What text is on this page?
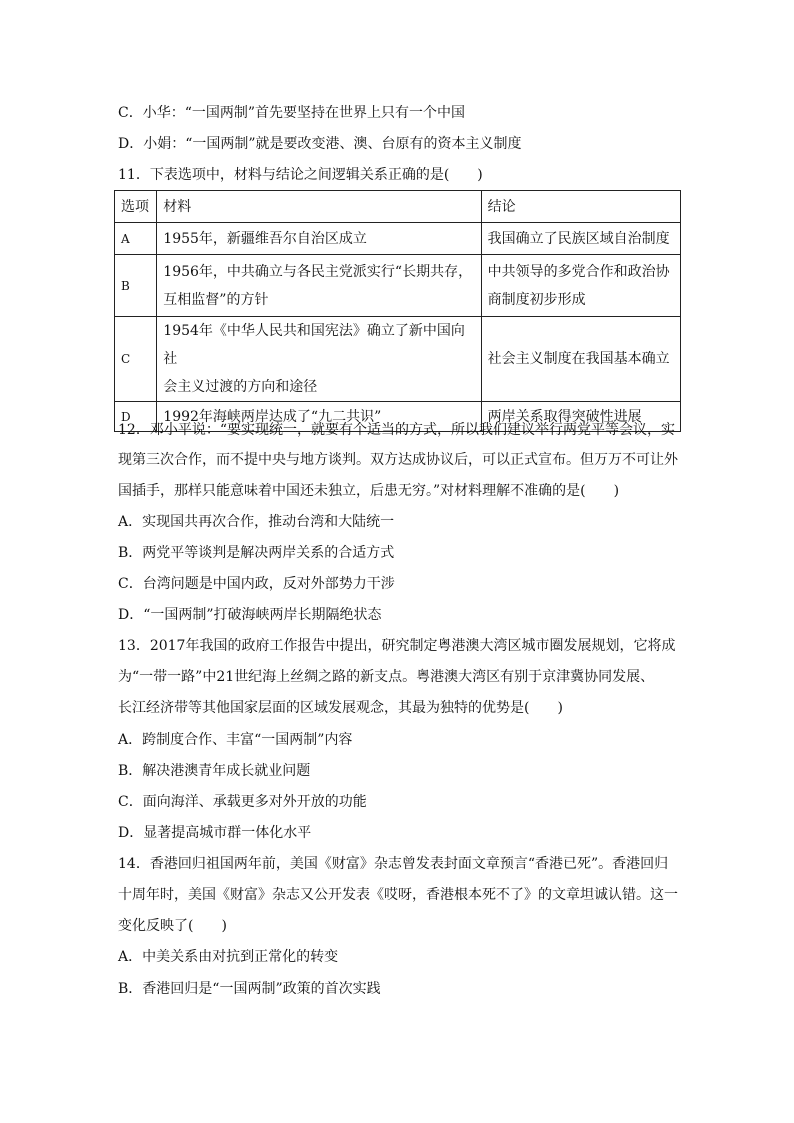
C．小华：“一国两制”首先要坚持在世界上只有一个中国
D．小娟：“一国两制”就是要改变港、澳、台原有的资本主义制度
11．下表选项中，材料与结论之间逻辑关系正确的是(　　)
选项	材料	结论
A	1955年，新疆维吾尔自治区成立	我国确立了民族区域自治制度

B	1956年，中共确立与各民主党派实行“长期共存，
互相监督”的方针	中共领导的多党合作和政治协
商制度初步形成

C	1954年《中华人民共和国宪法》确立了新中国向社
会主义过渡的方向和途径	社会主义制度在我国基本确立

D	1992年海峡两岸达成了“九二共识”	两岸关系取得突破性进展
12．邓小平说：“要实现统一，就要有个适当的方式，所以我们建议举行两党平等会议，实
现第三次合作，而不提中央与地方谈判。双方达成协议后，可以正式宣布。但万万不可让外
国插手，那样只能意味着中国还未独立，后患无穷。”对材料理解不准确的是(　　)
A．实现国共再次合作，推动台湾和大陆统一
B．两党平等谈判是解决两岸关系的合适方式
C．台湾问题是中国内政，反对外部势力干涉
D．“一国两制”打破海峡两岸长期隔绝状态
13．2017年我国的政府工作报告中提出，研究制定粤港澳大湾区城市圈发展规划，它将成
为“一带一路”中21世纪海上丝绸之路的新支点。粤港澳大湾区有别于京津冀协同发展、
长江经济带等其他国家层面的区域发展观念，其最为独特的优势是(　　)
A．跨制度合作、丰富“一国两制”内容
B．解决港澳青年成长就业问题
C．面向海洋、承载更多对外开放的功能
D．显著提高城市群一体化水平
14．香港回归祖国两年前，美国《财富》杂志曾发表封面文章预言“香港已死”。香港回归
十周年时，美国《财富》杂志又公开发表《哎呀，香港根本死不了》的文章坦诚认错。这一
变化反映了(　　)
A．中美关系由对抗到正常化的转变
B．香港回归是“一国两制”政策的首次实践
